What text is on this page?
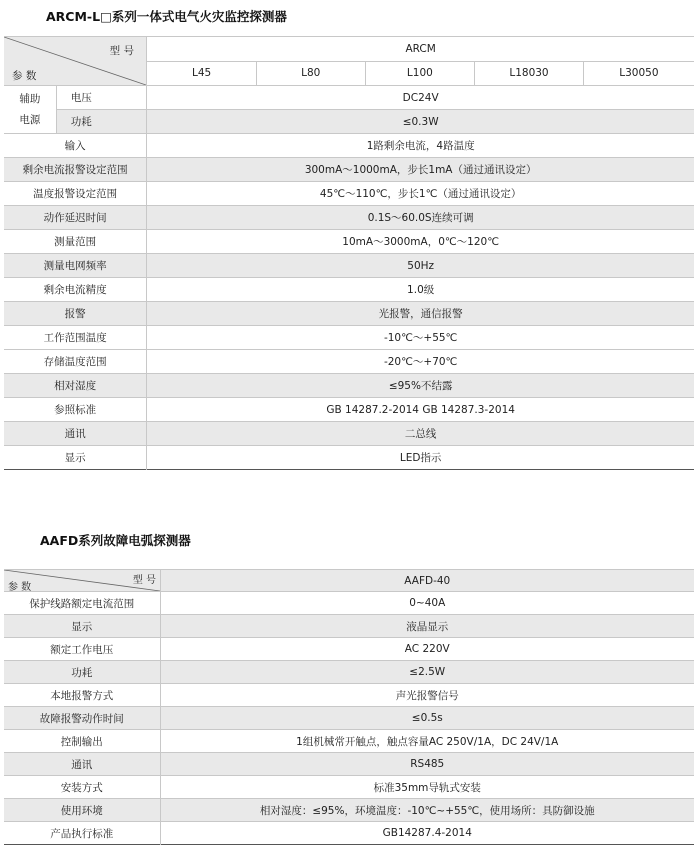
ARCM-L□系列一体式电气火灾监控探测器
型 号
参 数		ARCM				
		L45	L80	L100	L18030	L30050

辅助
电源	电压	DC24V				
	功耗	≤0.3W				
输入		1路剩余电流，4路温度				
剩余电流报警设定范围		300mA～1000mA，步长1mA（通过通讯设定）				
温度报警设定范围		45℃～110℃，步长1℃（通过通讯设定）				
动作延迟时间		0.1S～60.0S连续可调				
测量范围		10mA～3000mA，0℃～120℃				
测量电网频率		50Hz				
剩余电流精度		1.0级				
报警		光报警，通信报警				
工作范围温度		-10℃～+55℃				
存储温度范围		-20℃～+70℃				
相对湿度		≤95%不结露				
参照标准		GB 14287.2-2014 GB 14287.3-2014				
通讯		二总线				
显示		LED指示				
AAFD系列故障电弧探测器
型 号
参 数	AAFD-40
保护线路额定电流范围	0~40A
显示	液晶显示
额定工作电压	AC 220V
功耗	≤2.5W
本地报警方式	声光报警信号
故障报警动作时间	≤0.5s
控制输出	1组机械常开触点，触点容量AC 250V/1A，DC 24V/1A
通讯	RS485
安装方式	标准35mm导轨式安装
使用环境	相对湿度：≤95%，环境温度：-10℃~+55℃，使用场所：具防御设施
产品执行标准	GB14287.4-2014
